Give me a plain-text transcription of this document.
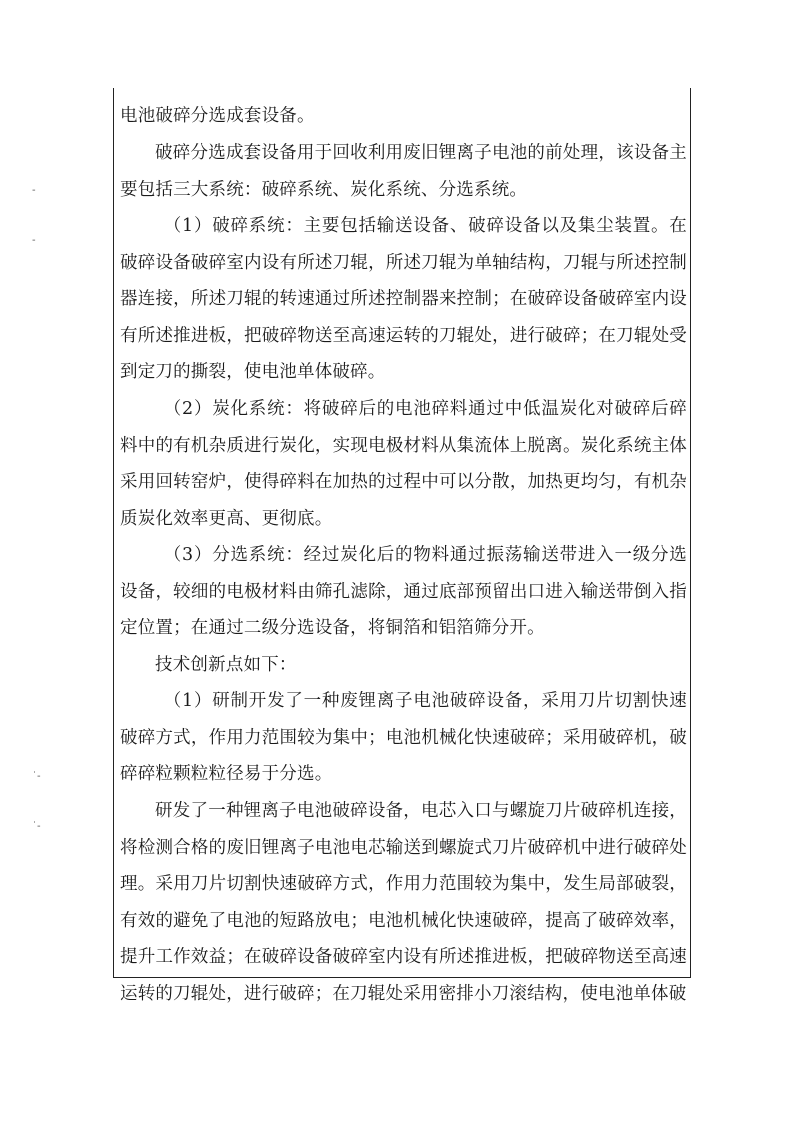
-
-
˙-
˙-

电池破碎分选成套设备。

破碎分选成套设备用于回收利用废旧锂离子电池的前处理，该设备主要包括三大系统：破碎系统、炭化系统、分选系统。

（1）破碎系统：主要包括输送设备、破碎设备以及集尘装置。在破碎设备破碎室内设有所述刀辊，所述刀辊为单轴结构，刀辊与所述控制器连接，所述刀辊的转速通过所述控制器来控制；在破碎设备破碎室内设有所述推进板，把破碎物送至高速运转的刀辊处，进行破碎；在刀辊处受到定刀的撕裂，使电池单体破碎。

（2）炭化系统：将破碎后的电池碎料通过中低温炭化对破碎后碎料中的有机杂质进行炭化，实现电极材料从集流体上脱离。炭化系统主体采用回转窑炉，使得碎料在加热的过程中可以分散，加热更均匀，有机杂质炭化效率更高、更彻底。

（3）分选系统：经过炭化后的物料通过振荡输送带进入一级分选设备，较细的电极材料由筛孔滤除，通过底部预留出口进入输送带倒入指定位置；在通过二级分选设备，将铜箔和铝箔筛分开。

技术创新点如下：

（1）研制开发了一种废锂离子电池破碎设备，采用刀片切割快速破碎方式，作用力范围较为集中；电池机械化快速破碎；采用破碎机，破碎碎粒颗粒粒径易于分选。

研发了一种锂离子电池破碎设备，电芯入口与螺旋刀片破碎机连接，将检测合格的废旧锂离子电池电芯输送到螺旋式刀片破碎机中进行破碎处理。采用刀片切割快速破碎方式，作用力范围较为集中，发生局部破裂，有效的避免了电池的短路放电；电池机械化快速破碎，提高了破碎效率，提升工作效益；在破碎设备破碎室内设有所述推进板，把破碎物送至高速运转的刀辊处，进行破碎；在刀辊处采用密排小刀滚结构，使电池单体破
